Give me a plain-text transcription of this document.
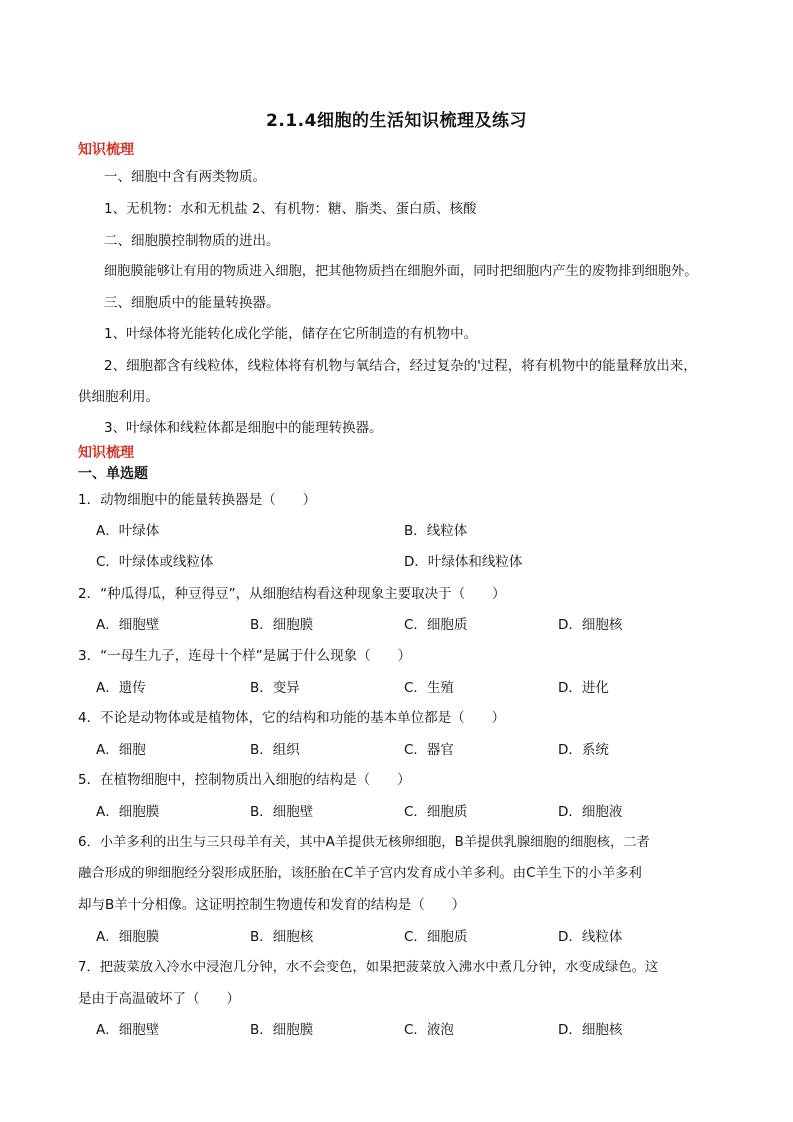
2.1.4细胞的生活知识梳理及练习
知识梳理
一、细胞中含有两类物质。
1、无机物：水和无机盐 2、有机物：糖、脂类、蛋白质、核酸
二、细胞膜控制物质的进出。
细胞膜能够让有用的物质进入细胞，把其他物质挡在细胞外面，同时把细胞内产生的废物排到细胞外。
三、细胞质中的能量转换器。
1、叶绿体将光能转化成化学能，储存在它所制造的有机物中。
2、细胞都含有线粒体，线粒体将有机物与氧结合，经过复杂的'过程，将有机物中的能量释放出来，
供细胞利用。
3、叶绿体和线粒体都是细胞中的能理转换器。
知识梳理
一、单选题
1．动物细胞中的能量转换器是（　　）
A．叶绿体	B．线粒体
C．叶绿体或线粒体	D．叶绿体和线粒体
2．“种瓜得瓜，种豆得豆”，从细胞结构看这种现象主要取决于（　　）
A．细胞壁	B．细胞膜	C．细胞质	D．细胞核
3．“一母生九子，连母十个样”是属于什么现象（　　）
A．遗传	B．变异	C．生殖	D．进化
4．不论是动物体或是植物体，它的结构和功能的基本单位都是（　　）
A．细胞	B．组织	C．器官	D．系统
5．在植物细胞中，控制物质出入细胞的结构是（　　）
A．细胞膜	B．细胞壁	C．细胞质	D．细胞液
6．小羊多利的出生与三只母羊有关，其中A羊提供无核卵细胞，B羊提供乳腺细胞的细胞核，二者
融合形成的卵细胞经分裂形成胚胎，该胚胎在C羊子宫内发育成小羊多利。由C羊生下的小羊多利
却与B羊十分相像。这证明控制生物遗传和发育的结构是（　　）
A．细胞膜	B．细胞核	C．细胞质	D．线粒体
7．把菠菜放入冷水中浸泡几分钟，水不会变色，如果把菠菜放入沸水中煮几分钟，水变成绿色。这
是由于高温破坏了（　　）
A．细胞壁	B．细胞膜	C．液泡	D．细胞核
